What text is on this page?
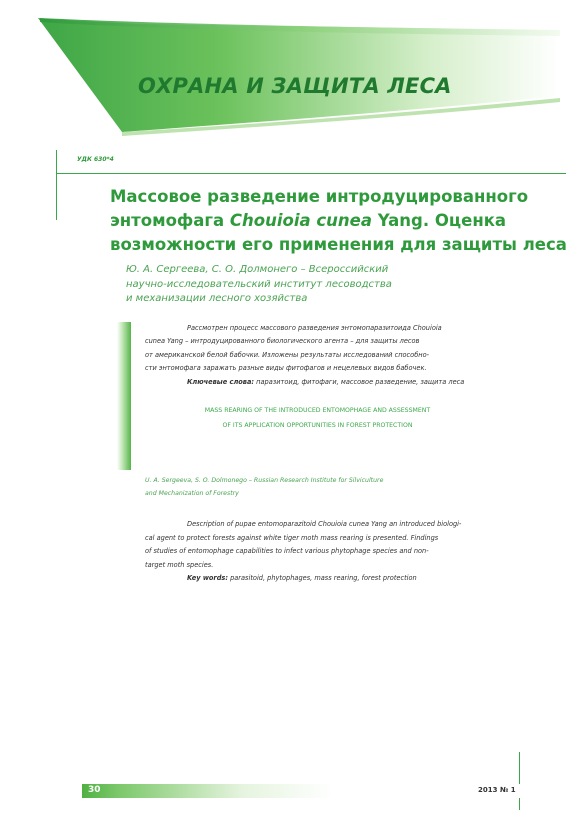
ОХРАНА И ЗАЩИТА ЛЕСА
УДК 630*4
Массовое разведение интродуцированного
энтомофага Chouioia cunea Yang. Оценка
возможности его применения для защиты леса
Ю. А. Сергеева, С. О. Долмонего – Всероссийский
научно-исследовательский институт лесоводства
и механизации лесного хозяйства
Рассмотрен процесс массового разведения энтомопаразитоида Chouioia
cunea Yang – интродуцированного биологического агента – для защиты лесов
от американской белой бабочки. Изложены результаты исследований способно-
сти энтомофага заражать разные виды фитофагов и нецелевых видов бабочек.
Ключевые слова: паразитоид, фитофаги, массовое разведение, защита леса
MASS REARING OF THE INTRODUCED ENTOMOPHAGE AND ASSESSMENT
OF ITS APPLICATION OPPORTUNITIES IN FOREST PROTECTION
U. A. Sergeeva, S. O. Dolmonego – Russian Research Institute for Silviculture
and Mechanization of Forestry
Description of pupae entomoparazitoid Chouioia cunea Yang an introduced biologi-
cal agent to protect forests against white tiger moth mass rearing is presented. Findings
of studies of entomophage capabilities to infect various phytophage species and non-
target moth species.
Key words: parasitoid, phytophages, mass rearing, forest protection
30	2013 № 1
